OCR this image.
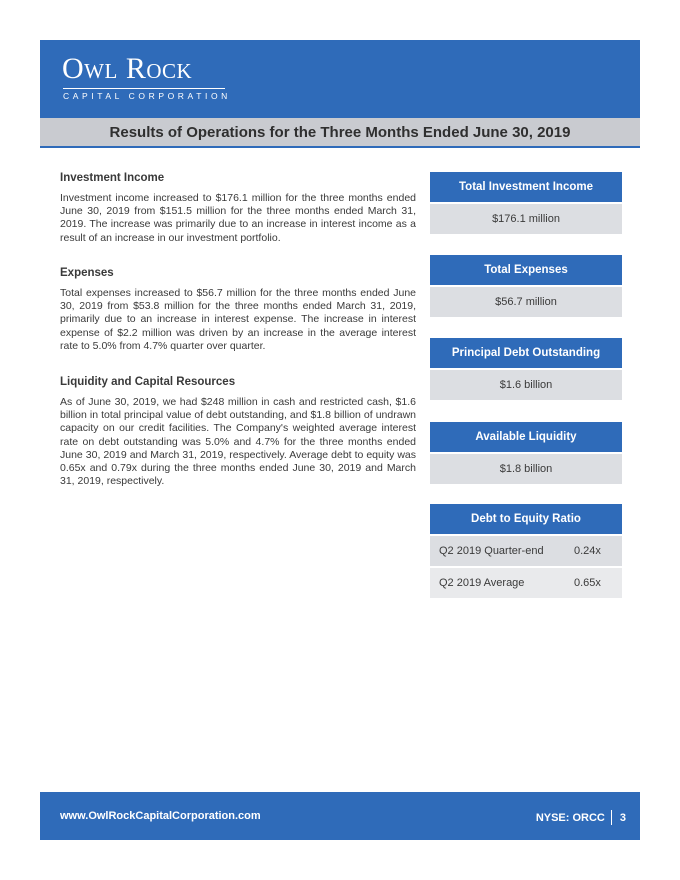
Owl Rock
CAPITAL CORPORATION
Results of Operations for the Three Months Ended June 30, 2019

Investment Income

Investment income increased to $176.1 million for the three months ended June 30, 2019 from $151.5 million for the three months ended March 31, 2019. The increase was primarily due to an increase in interest income as a result of an increase in our investment portfolio.

Expenses

Total expenses increased to $56.7 million for the three months ended June 30, 2019 from $53.8 million for the three months ended March 31, 2019, primarily due to an increase in interest expense. The increase in interest expense of $2.2 million was driven by an increase in the average interest rate to 5.0% from 4.7% quarter over quarter.

Liquidity and Capital Resources

As of June 30, 2019, we had $248 million in cash and restricted cash, $1.6 billion in total principal value of debt outstanding, and $1.8 billion of undrawn capacity on our credit facilities. The Company's weighted average interest rate on debt outstanding was 5.0% and 4.7% for the three months ended June 30, 2019 and March 31, 2019, respectively. Average debt to equity was 0.65x and 0.79x during the three months ended June 30, 2019 and March 31, 2019, respectively.

Total Investment Income
$176.1 million
Total Expenses
$56.7 million
Principal Debt Outstanding
$1.6 billion
Available Liquidity
$1.8 billion
Debt to Equity Ratio
Q2 2019 Quarter-end	0.24x
Q2 2019 Average	0.65x
www.OwlRockCapitalCorporation.com	NYSE: ORCC 3
